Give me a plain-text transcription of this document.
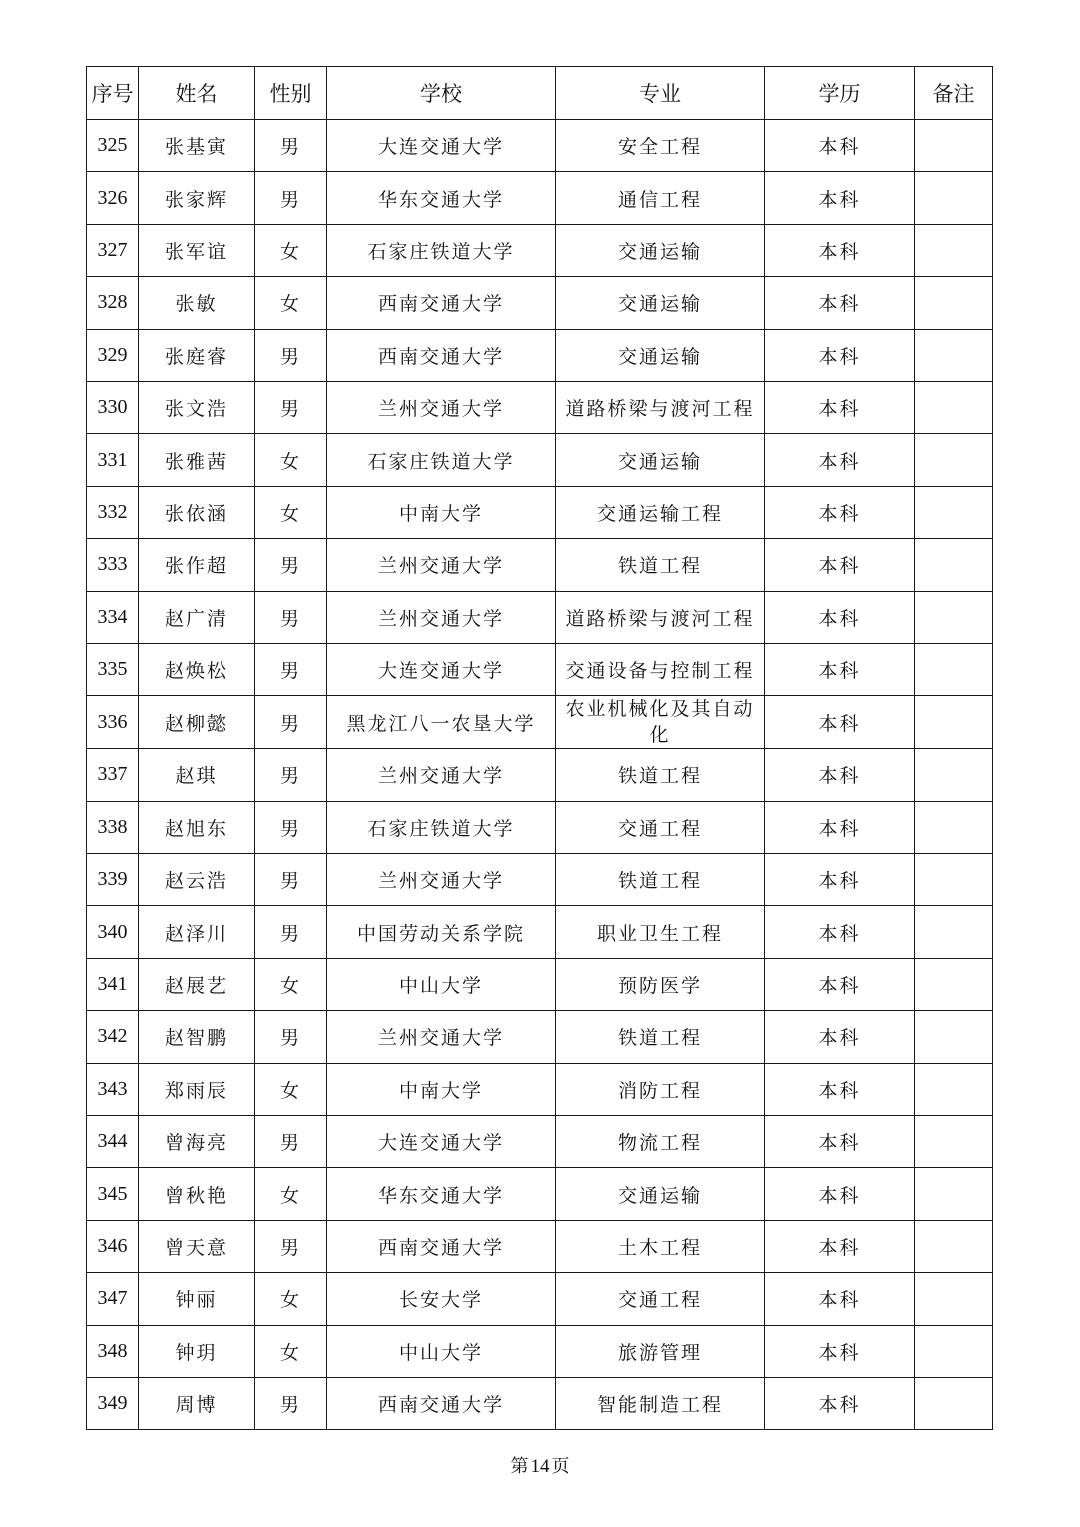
序号	姓名	性别	学校	专业	学历	备注
325	张基寅	男	大连交通大学	安全工程	本科	
326	张家辉	男	华东交通大学	通信工程	本科	
327	张军谊	女	石家庄铁道大学	交通运输	本科	
328	张敏	女	西南交通大学	交通运输	本科	
329	张庭睿	男	西南交通大学	交通运输	本科	
330	张文浩	男	兰州交通大学	道路桥梁与渡河工程	本科	
331	张雅茜	女	石家庄铁道大学	交通运输	本科	
332	张依涵	女	中南大学	交通运输工程	本科	
333	张作超	男	兰州交通大学	铁道工程	本科	
334	赵广清	男	兰州交通大学	道路桥梁与渡河工程	本科	
335	赵焕松	男	大连交通大学	交通设备与控制工程	本科	
336	赵柳懿	男	黑龙江八一农垦大学	农业机械化及其自动化	本科	
337	赵琪	男	兰州交通大学	铁道工程	本科	
338	赵旭东	男	石家庄铁道大学	交通工程	本科	
339	赵云浩	男	兰州交通大学	铁道工程	本科	
340	赵泽川	男	中国劳动关系学院	职业卫生工程	本科	
341	赵展艺	女	中山大学	预防医学	本科	
342	赵智鹏	男	兰州交通大学	铁道工程	本科	
343	郑雨辰	女	中南大学	消防工程	本科	
344	曾海亮	男	大连交通大学	物流工程	本科	
345	曾秋艳	女	华东交通大学	交通运输	本科	
346	曾天意	男	西南交通大学	土木工程	本科	
347	钟丽	女	长安大学	交通工程	本科	
348	钟玥	女	中山大学	旅游管理	本科	
349	周博	男	西南交通大学	智能制造工程	本科	
第 14 页
